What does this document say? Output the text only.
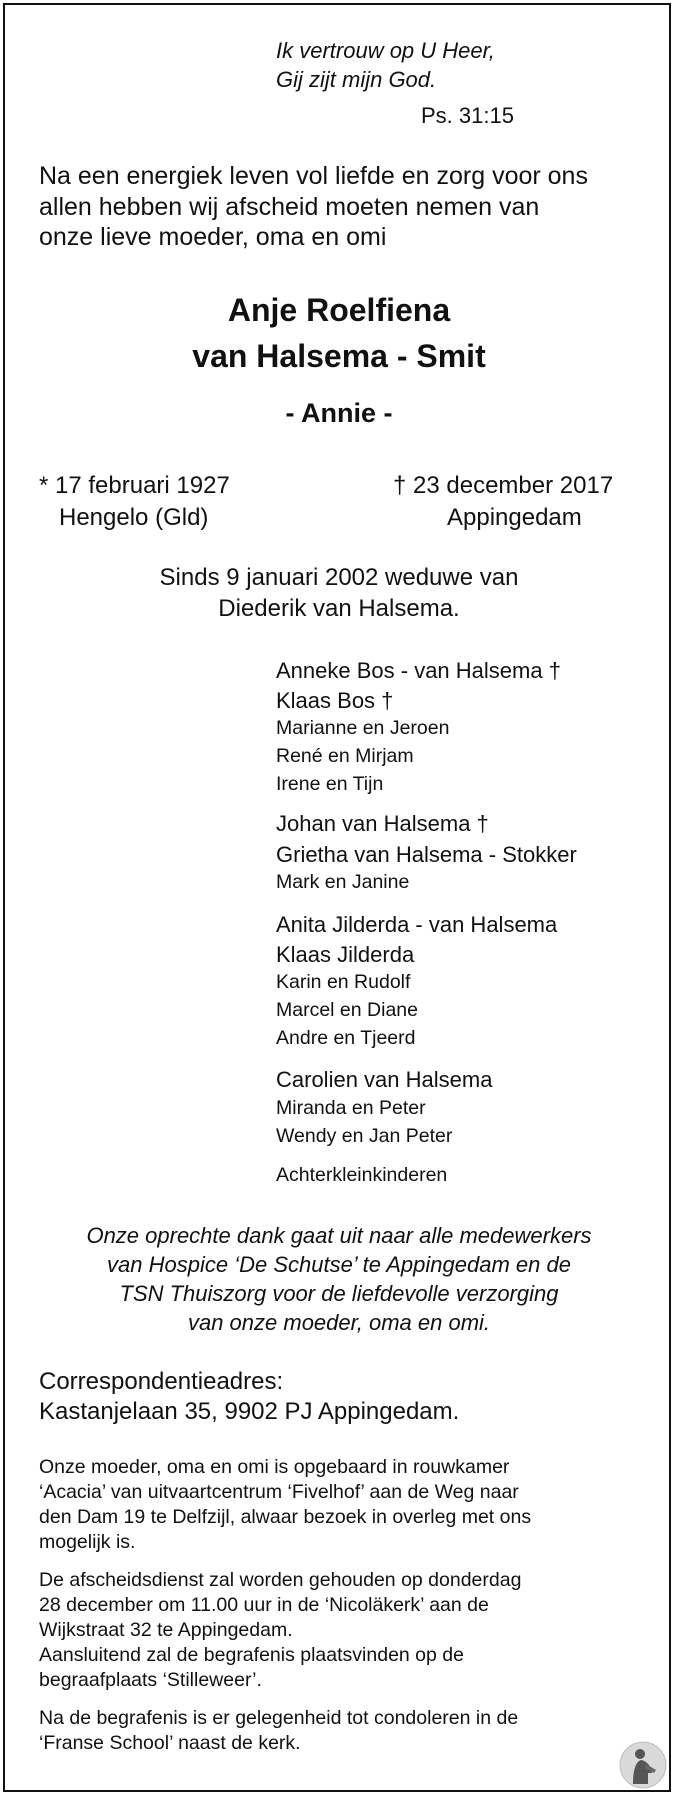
Ik vertrouw op U Heer,
Gij zijt mijn God.
Ps. 31:15
Na een energiek leven vol liefde en zorg voor ons
allen hebben wij afscheid moeten nemen van
onze lieve moeder, oma en omi
Anje Roelfiena
van Halsema - Smit
- Annie -
* 17 februari 1927
Hengelo (Gld)
† 23 december 2017
Appingedam
Sinds 9 januari 2002 weduwe van
Diederik van Halsema.
Anneke Bos - van Halsema †
Klaas Bos †
Marianne en Jeroen
René en Mirjam
Irene en Tijn
Johan van Halsema †
Grietha van Halsema - Stokker
Mark en Janine
Anita Jilderda - van Halsema
Klaas Jilderda
Karin en Rudolf
Marcel en Diane
Andre en Tjeerd
Carolien van Halsema
Miranda en Peter
Wendy en Jan Peter
Achterkleinkinderen
Onze oprechte dank gaat uit naar alle medewerkers
van Hospice ‘De Schutse’ te Appingedam en de
TSN Thuiszorg voor de liefdevolle verzorging
van onze moeder, oma en omi.
Correspondentieadres:
Kastanjelaan 35, 9902 PJ Appingedam.
Onze moeder, oma en omi is opgebaard in rouwkamer
‘Acacia’ van uitvaartcentrum ‘Fivelhof’ aan de Weg naar
den Dam 19 te Delfzijl, alwaar bezoek in overleg met ons
mogelijk is.
De afscheidsdienst zal worden gehouden op donderdag
28 december om 11.00 uur in de ‘Nicoläkerk’ aan de
Wijkstraat 32 te Appingedam.
Aansluitend zal de begrafenis plaatsvinden op de
begraafplaats ‘Stilleweer’.
Na de begrafenis is er gelegenheid tot condoleren in de
‘Franse School’ naast de kerk.
